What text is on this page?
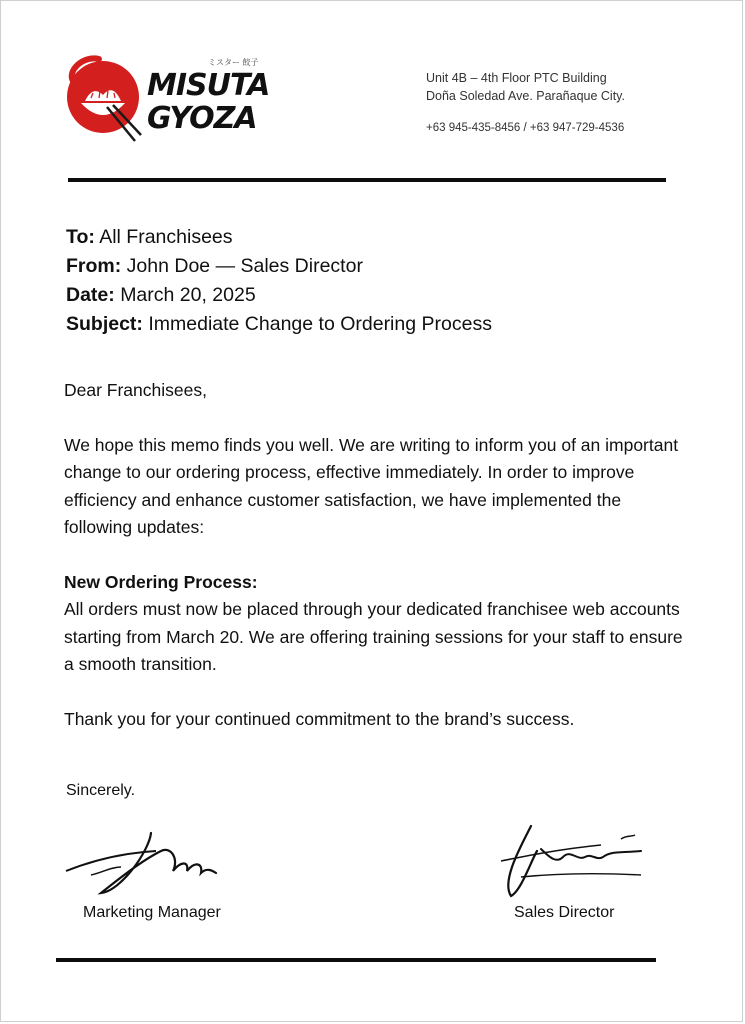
MISUTA
GYOZA
ミスター 餃子
Unit 4B – 4th Floor PTC Building
Doña Soledad Ave. Parañaque City.
+63 945-435-8456 / +63 947-729-4536
To: All Franchisees
From: John Doe — Sales Director
Date: March 20, 2025
Subject: Immediate Change to Ordering Process

Dear Franchisees,

We hope this memo finds you well. We are writing to inform you of an important change to our ordering process, effective immediately. In order to improve efficiency and enhance customer satisfaction, we have implemented the following updates:

New Ordering Process:

All orders must now be placed through your dedicated franchisee web accounts starting from March 20. We are offering training sessions for your staff to ensure a smooth transition.

Thank you for your continued commitment to the brand’s success.

Sincerely.
Marketing Manager	Sales Director
